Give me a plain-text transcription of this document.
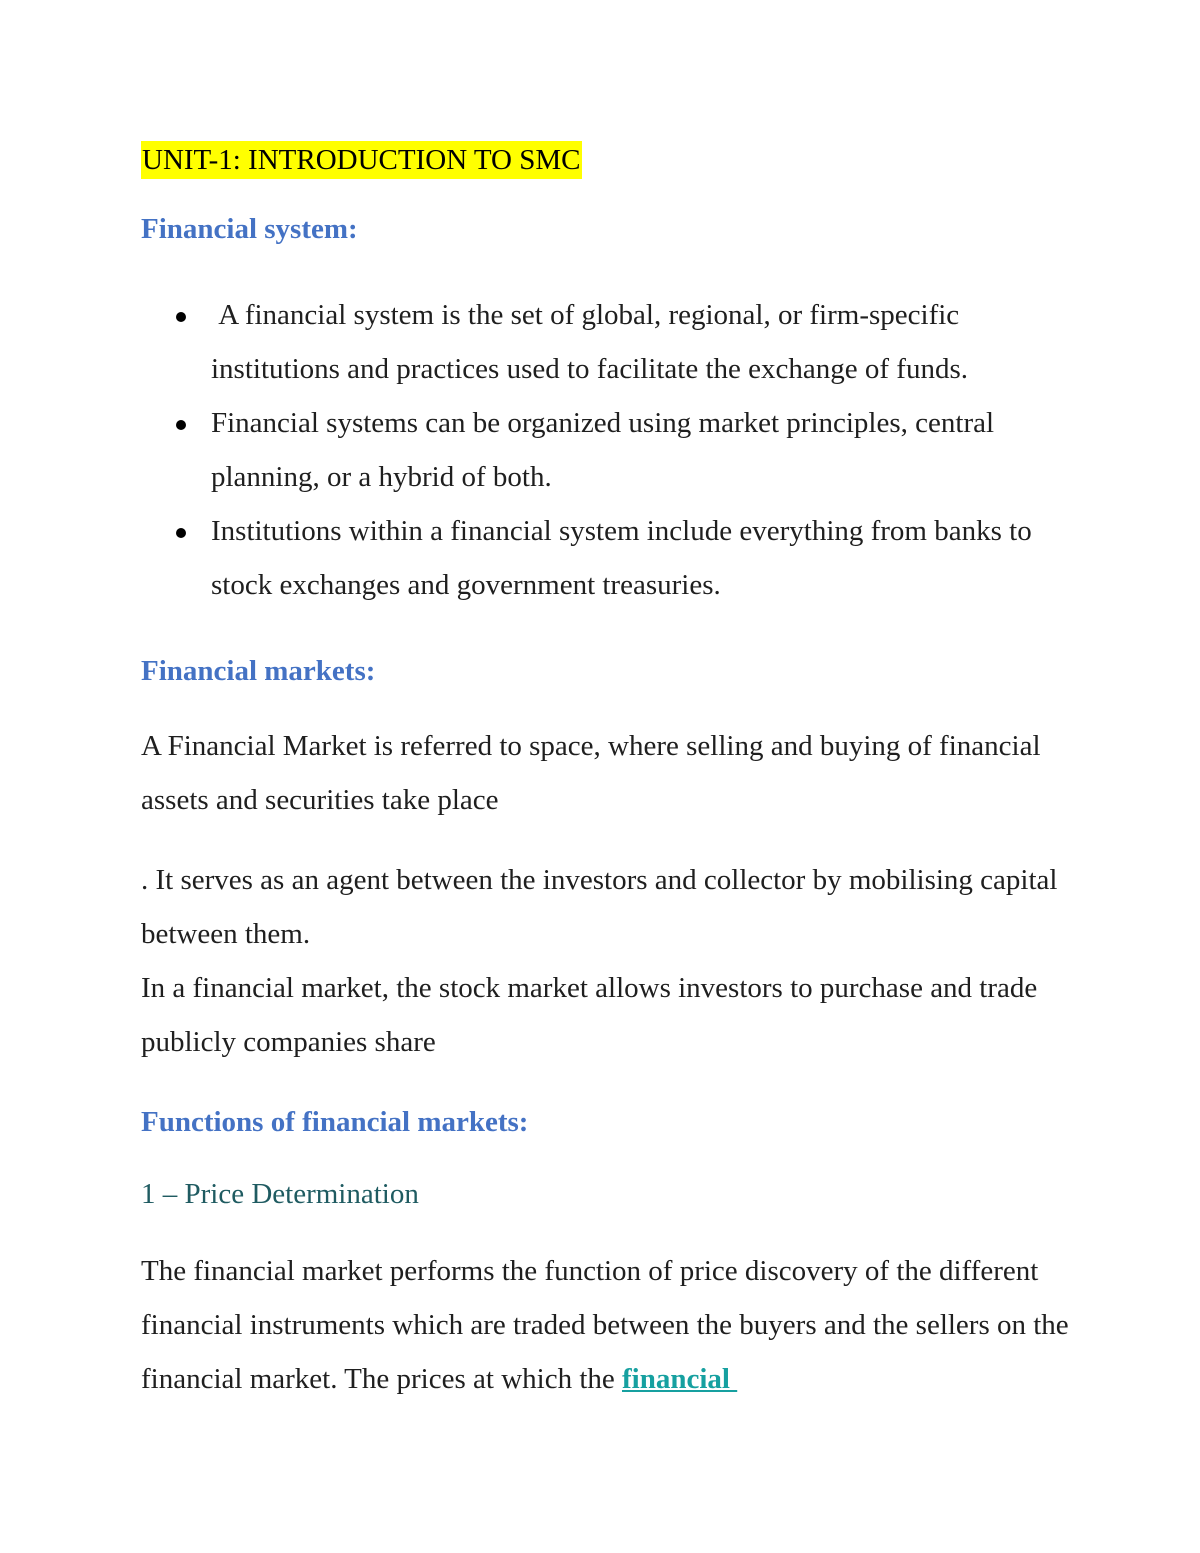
UNIT-1: INTRODUCTION TO SMC
Financial system:
A financial system is the set of global, regional, or firm-specific institutions and practices used to facilitate the exchange of funds.
Financial systems can be organized using market principles, central planning, or a hybrid of both.
Institutions within a financial system include everything from banks to stock exchanges and government treasuries.
Financial markets:

A Financial Market is referred to space, where selling and buying of financial assets and securities take place

. It serves as an agent between the investors and collector by mobilising capital between them.

In a financial market, the stock market allows investors to purchase and trade publicly companies share

Functions of financial markets:

1 – Price Determination

The financial market performs the function of price discovery of the different financial instruments which are traded between the buyers and the sellers on the financial market. The prices at which the financial
